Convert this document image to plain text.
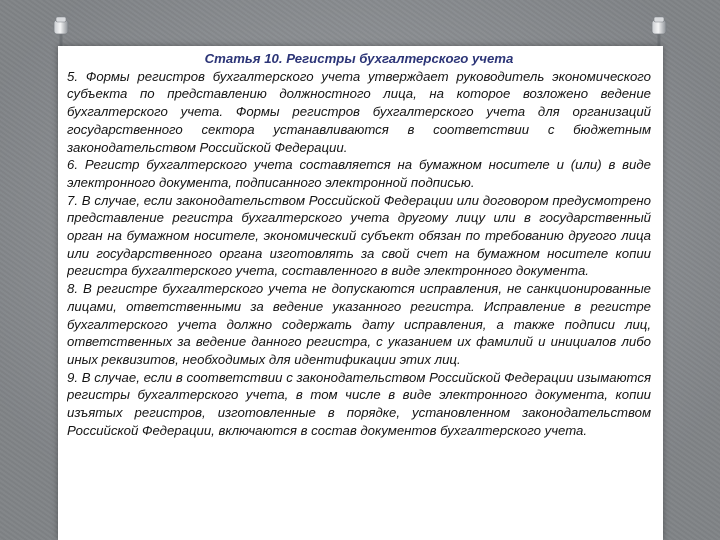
Статья 10. Регистры бухгалтерского учета

5. Формы регистров бухгалтерского учета утверждает руководитель экономического субъекта по представлению должностного лица, на которое возложено ведение бухгалтерского учета. Формы регистров бухгалтерского учета для организаций государственного сектора устанавливаются в соответствии с бюджетным законодательством Российской Федерации.

6. Регистр бухгалтерского учета составляется на бумажном носителе и (или) в виде электронного документа, подписанного электронной подписью.

7. В случае, если законодательством Российской Федерации или договором предусмотрено представление регистра бухгалтерского учета другому лицу или в государственный орган на бумажном носителе, экономический субъект обязан по требованию другого лица или государственного органа изготовлять за свой счет на бумажном носителе копии регистра бухгалтерского учета, составленного в виде электронного документа.

8. В регистре бухгалтерского учета не допускаются исправления, не санкционированные лицами, ответственными за ведение указанного регистра. Исправление в регистре бухгалтерского учета должно содержать дату исправления, а также подписи лиц, ответственных за ведение данного регистра, с указанием их фамилий и инициалов либо иных реквизитов, необходимых для идентификации этих лиц.

9. В случае, если в соответствии с законодательством Российской Федерации изымаются регистры бухгалтерского учета, в том числе в виде электронного документа, копии изъятых регистров, изготовленные в порядке, установленном законодательством Российской Федерации, включаются в состав документов бухгалтерского учета.
